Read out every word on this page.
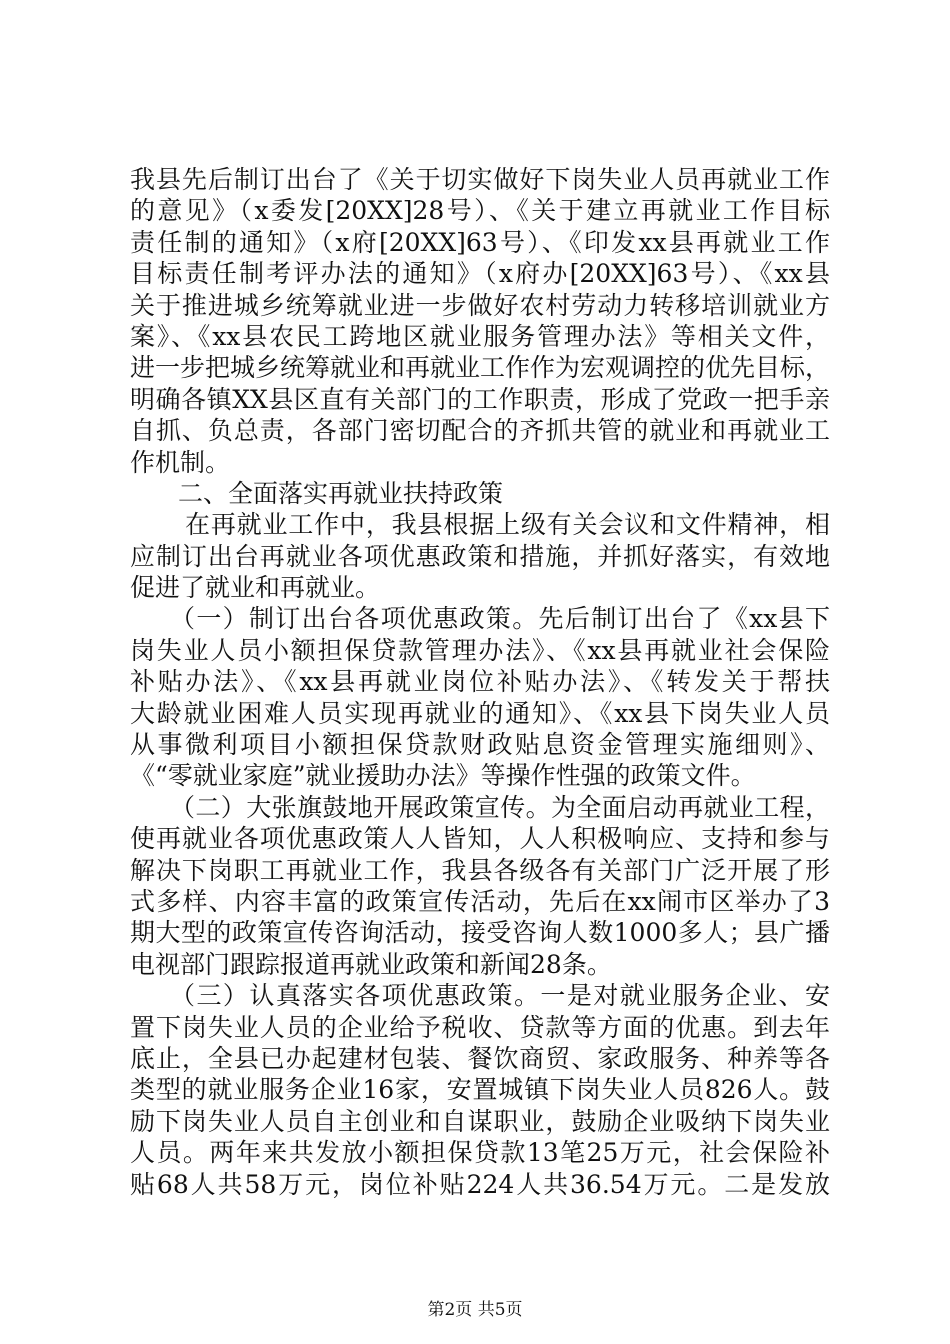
我县先后制订出台了《关于切实做好下岗失业人员再就业工作
的意见》（x委发[20XX]28号）、《关于建立再就业工作目标
责任制的通知》（x府[20XX]63号）、《印发xx县再就业工作
目标责任制考评办法的通知》（x府办[20XX]63号）、《xx县
关于推进城乡统筹就业进一步做好农村劳动力转移培训就业方
案》、《xx县农民工跨地区就业服务管理办法》等相关文件，
进一步把城乡统筹就业和再就业工作作为宏观调控的优先目标，
明确各镇XX县区直有关部门的工作职责，形成了党政一把手亲
自抓、负总责，各部门密切配合的齐抓共管的就业和再就业工
作机制。
二、全面落实再就业扶持政策
在再就业工作中，我县根据上级有关会议和文件精神，相
应制订出台再就业各项优惠政策和措施，并抓好落实，有效地
促进了就业和再就业。
（一）制订出台各项优惠政策。先后制订出台了《xx县下
岗失业人员小额担保贷款管理办法》、《xx县再就业社会保险
补贴办法》、《xx县再就业岗位补贴办法》、《转发关于帮扶
大龄就业困难人员实现再就业的通知》、《xx县下岗失业人员
从事微利项目小额担保贷款财政贴息资金管理实施细则》、
《“零就业家庭”就业援助办法》等操作性强的政策文件。
（二）大张旗鼓地开展政策宣传。为全面启动再就业工程，
使再就业各项优惠政策人人皆知，人人积极响应、支持和参与
解决下岗职工再就业工作，我县各级各有关部门广泛开展了形
式多样、内容丰富的政策宣传活动，先后在xx闹市区举办了3
期大型的政策宣传咨询活动，接受咨询人数1000多人；县广播
电视部门跟踪报道再就业政策和新闻28条。
（三）认真落实各项优惠政策。一是对就业服务企业、安
置下岗失业人员的企业给予税收、贷款等方面的优惠。到去年
底止，全县已办起建材包装、餐饮商贸、家政服务、种养等各
类型的就业服务企业16家，安置城镇下岗失业人员826人。鼓
励下岗失业人员自主创业和自谋职业，鼓励企业吸纳下岗失业
人员。两年来共发放小额担保贷款13笔25万元，社会保险补
贴68人共58万元，岗位补贴224人共36.54万元。二是发放
第2页 共5页
